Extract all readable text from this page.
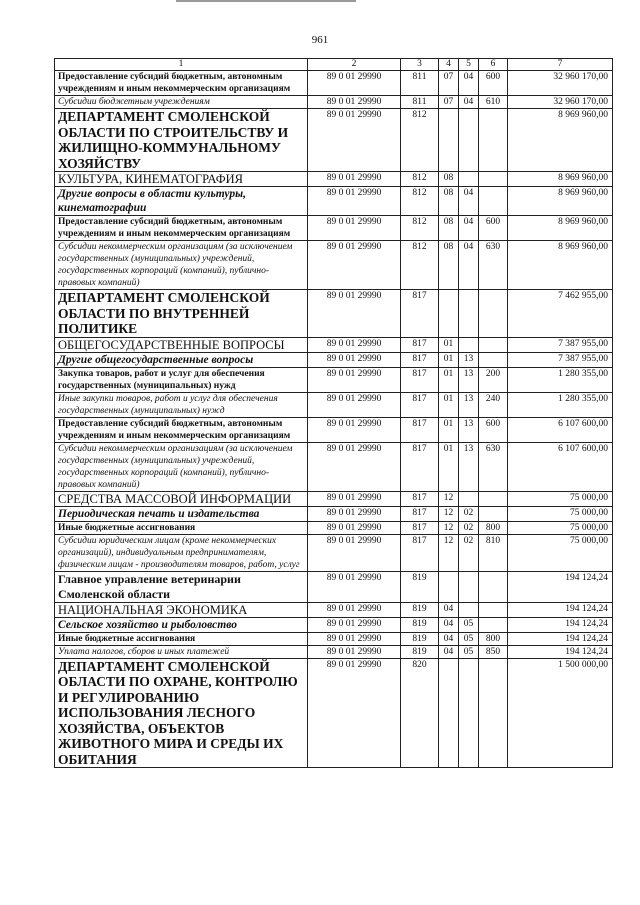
961
1	2	3	4	5	6	7
Предоставление субсидий бюджетным, автономным учреждениям и иным некоммерческим организациям	89 0 01 29990	811	07	04	600	32 960 170,00
Субсидии бюджетным учреждениям	89 0 01 29990	811	07	04	610	32 960 170,00
ДЕПАРТАМЕНТ СМОЛЕНСКОЙ ОБЛАСТИ ПО СТРОИТЕЛЬСТВУ И ЖИЛИЩНО-КОММУНАЛЬНОМУ ХОЗЯЙСТВУ	89 0 01 29990	812				8 969 960,00
КУЛЬТУРА, КИНЕМАТОГРАФИЯ	89 0 01 29990	812	08			8 969 960,00
Другие вопросы в области культуры, кинематографии	89 0 01 29990	812	08	04		8 969 960,00
Предоставление субсидий бюджетным, автономным учреждениям и иным некоммерческим организациям	89 0 01 29990	812	08	04	600	8 969 960,00
Субсидии некоммерческим организациям (за исключением государственных (муниципальных) учреждений, государственных корпораций (компаний), публично-правовых компаний)	89 0 01 29990	812	08	04	630	8 969 960,00
ДЕПАРТАМЕНТ СМОЛЕНСКОЙ ОБЛАСТИ ПО ВНУТРЕННЕЙ ПОЛИТИКЕ	89 0 01 29990	817				7 462 955,00
ОБЩЕГОСУДАРСТВЕННЫЕ ВОПРОСЫ	89 0 01 29990	817	01			7 387 955,00
Другие общегосударственные вопросы	89 0 01 29990	817	01	13		7 387 955,00
Закупка товаров, работ и услуг для обеспечения государственных (муниципальных) нужд	89 0 01 29990	817	01	13	200	1 280 355,00
Иные закупки товаров, работ и услуг для обеспечения государственных (муниципальных) нужд	89 0 01 29990	817	01	13	240	1 280 355,00
Предоставление субсидий бюджетным, автономным учреждениям и иным некоммерческим организациям	89 0 01 29990	817	01	13	600	6 107 600,00
Субсидии некоммерческим организациям (за исключением государственных (муниципальных) учреждений, государственных корпораций (компаний), публично-правовых компаний)	89 0 01 29990	817	01	13	630	6 107 600,00
СРЕДСТВА МАССОВОЙ ИНФОРМАЦИИ	89 0 01 29990	817	12			75 000,00
Периодическая печать и издательства	89 0 01 29990	817	12	02		75 000,00
Иные бюджетные ассигнования	89 0 01 29990	817	12	02	800	75 000,00
Субсидии юридическим лицам (кроме некоммерческих организаций), индивидуальным предпринимателям, физическим лицам - производителям товаров, работ, услуг	89 0 01 29990	817	12	02	810	75 000,00
Главное управление ветеринарии Смоленской области	89 0 01 29990	819				194 124,24
НАЦИОНАЛЬНАЯ ЭКОНОМИКА	89 0 01 29990	819	04			194 124,24
Сельское хозяйство и рыболовство	89 0 01 29990	819	04	05		194 124,24
Иные бюджетные ассигнования	89 0 01 29990	819	04	05	800	194 124,24
Уплата налогов, сборов и иных платежей	89 0 01 29990	819	04	05	850	194 124,24
ДЕПАРТАМЕНТ СМОЛЕНСКОЙ ОБЛАСТИ ПО ОХРАНЕ, КОНТРОЛЮ И РЕГУЛИРОВАНИЮ ИСПОЛЬЗОВАНИЯ ЛЕСНОГО ХОЗЯЙСТВА, ОБЪЕКТОВ ЖИВОТНОГО МИРА И СРЕДЫ ИХ ОБИТАНИЯ	89 0 01 29990	820				1 500 000,00
